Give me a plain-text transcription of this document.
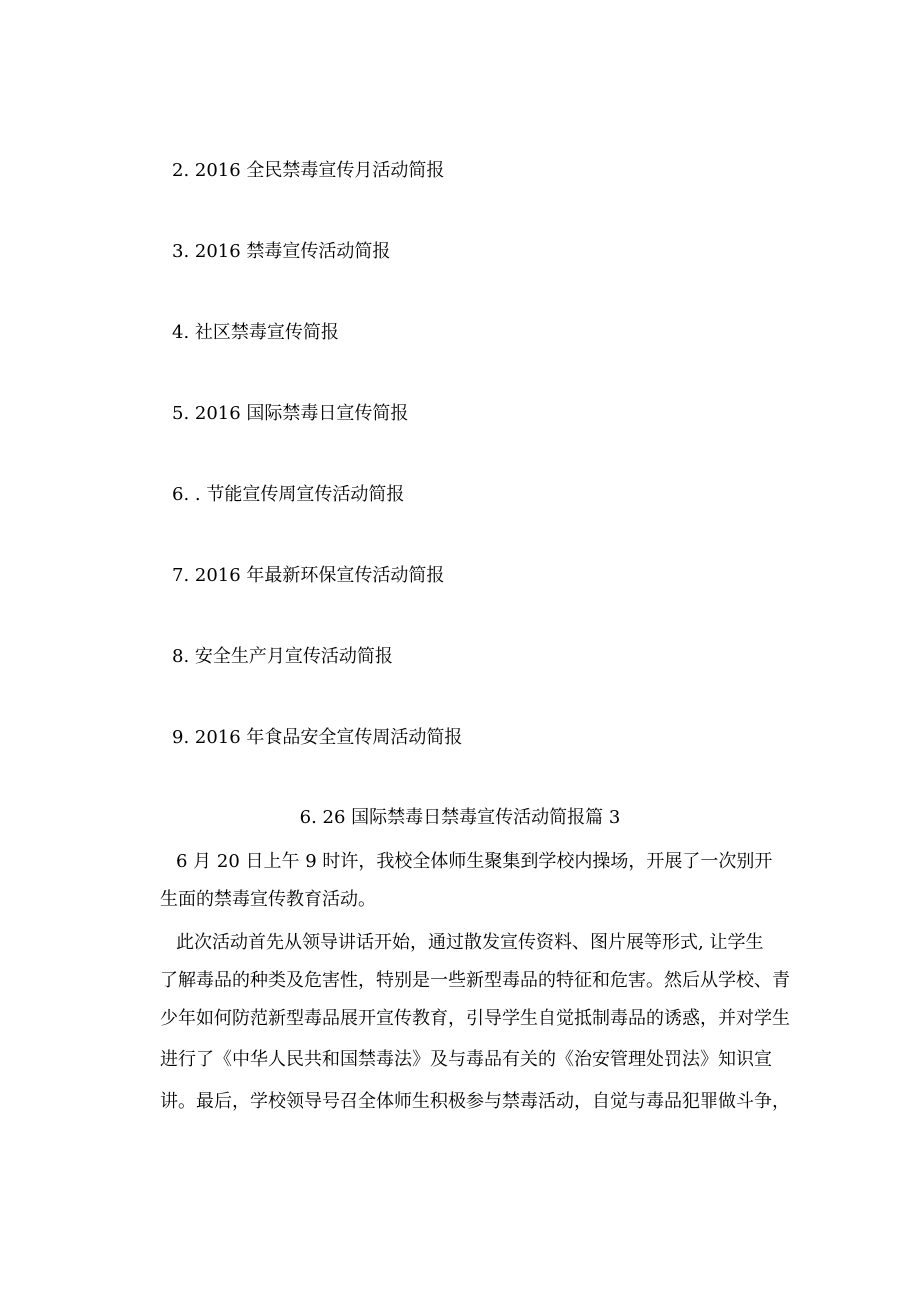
2. 2016 全民禁毒宣传月活动简报
3. 2016 禁毒宣传活动简报
4. 社区禁毒宣传简报
5. 2016 国际禁毒日宣传简报
6. . 节能宣传周宣传活动简报
7. 2016 年最新环保宣传活动简报
8. 安全生产月宣传活动简报
9. 2016 年食品安全宣传周活动简报
6. 26 国际禁毒日禁毒宣传活动简报篇 3
6 月 20 日上午 9 时许，我校全体师生聚集到学校内操场，开展了一次别开
生面的禁毒宣传教育活动。
此次活动首先从领导讲话开始，通过散发宣传资料、图片展等形式, 让学生
了解毒品的种类及危害性，特别是一些新型毒品的特征和危害。然后从学校、青
少年如何防范新型毒品展开宣传教育，引导学生自觉抵制毒品的诱惑，并对学生
进行了《中华人民共和国禁毒法》及与毒品有关的《治安管理处罚法》知识宣
讲。最后，学校领导号召全体师生积极参与禁毒活动，自觉与毒品犯罪做斗争，
